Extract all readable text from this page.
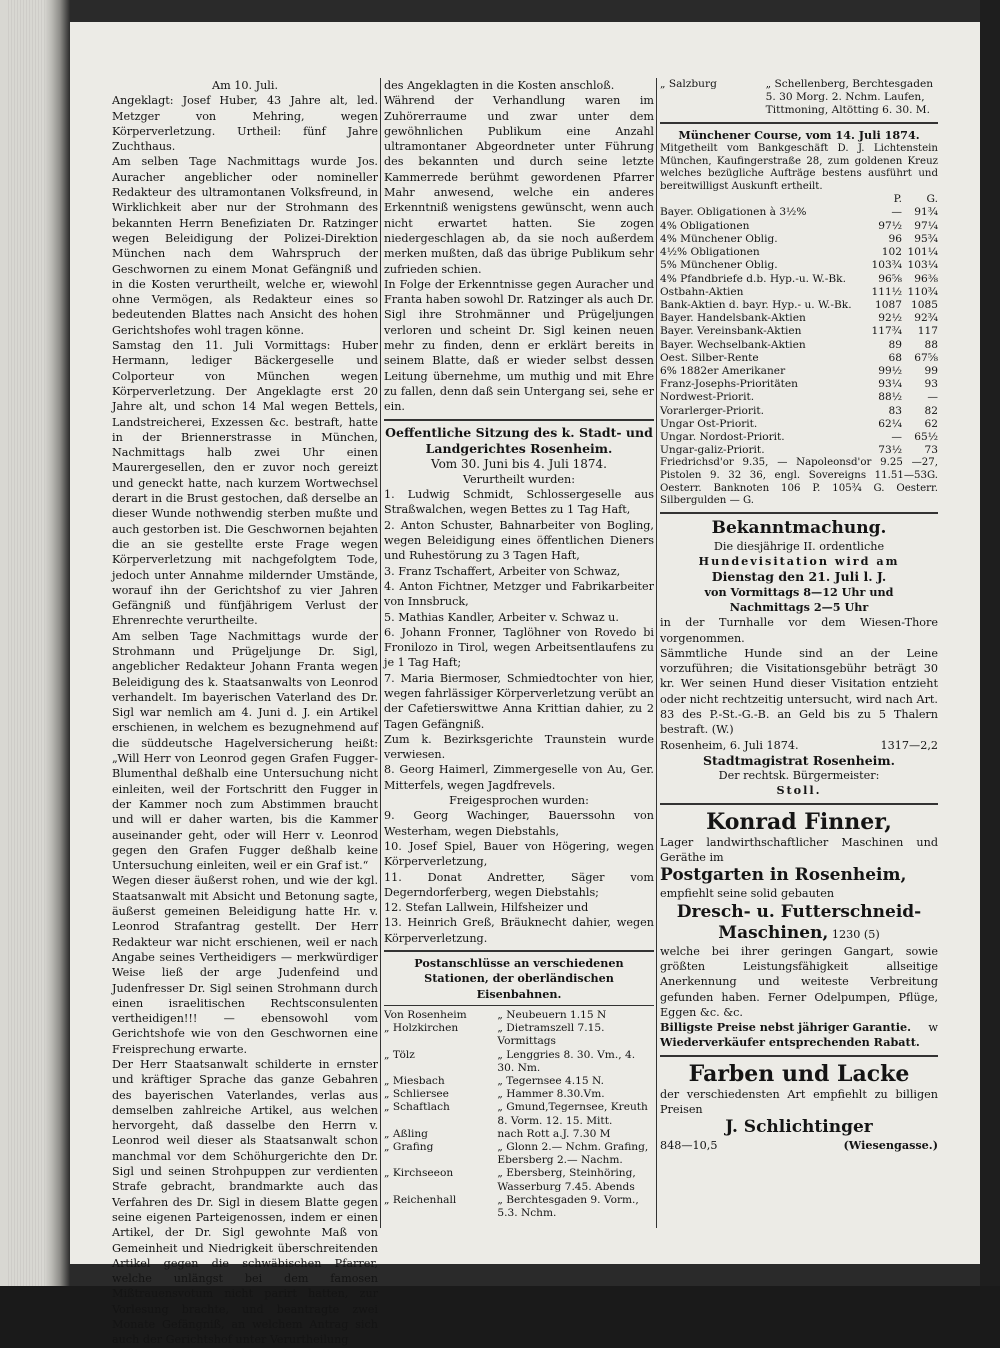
Am 10. Juli.

Angeklagt: Josef Huber, 43 Jahre alt, led. Metzger von Mehring, wegen Körperverletzung. Urtheil: fünf Jahre Zuchthaus.

Am selben Tage Nachmittags wurde Jos. Auracher angeblicher oder nomineller Redakteur des ultramontanen Volksfreund, in Wirklichkeit aber nur der Strohmann des bekannten Herrn Benefiziaten Dr. Ratzinger wegen Beleidigung der Polizei-Direktion München nach dem Wahrspruch der Geschwornen zu einem Monat Gefängniß und in die Kosten verurtheilt, welche er, wiewohl ohne Vermögen, als Redakteur eines so bedeutenden Blattes nach Ansicht des hohen Gerichtshofes wohl tragen könne.

Samstag den 11. Juli Vormittags: Huber Hermann, lediger Bäckergeselle und Colporteur von München wegen Körperverletzung. Der Angeklagte erst 20 Jahre alt, und schon 14 Mal wegen Bettels, Landstreicherei, Exzessen &c. bestraft, hatte in der Briennerstrasse in München, Nachmittags halb zwei Uhr einen Maurergesellen, den er zuvor noch gereizt und geneckt hatte, nach kurzem Wortwechsel derart in die Brust gestochen, daß derselbe an dieser Wunde nothwendig sterben mußte und auch gestorben ist. Die Geschwornen bejahten die an sie gestellte erste Frage wegen Körperverletzung mit nachgefolgtem Tode, jedoch unter Annahme mildernder Umstände, worauf ihn der Gerichtshof zu vier Jahren Gefängniß und fünfjährigem Verlust der Ehrenrechte verurtheilte.

Am selben Tage Nachmittags wurde der Strohmann und Prügeljunge Dr. Sigl, angeblicher Redakteur Johann Franta wegen Beleidigung des k. Staatsanwalts von Leonrod verhandelt. Im bayerischen Vaterland des Dr. Sigl war nemlich am 4. Juni d. J. ein Artikel erschienen, in welchem es bezugnehmend auf die süddeutsche Hagelversicherung heißt: „Will Herr von Leonrod gegen Grafen Fugger-Blumenthal deßhalb eine Untersuchung nicht einleiten, weil der Fortschritt den Fugger in der Kammer noch zum Abstimmen braucht und will er daher warten, bis die Kammer auseinander geht, oder will Herr v. Leonrod gegen den Grafen Fugger deßhalb keine Untersuchung einleiten, weil er ein Graf ist.“

Wegen dieser äußerst rohen, und wie der kgl. Staatsanwalt mit Absicht und Betonung sagte, äußerst gemeinen Beleidigung hatte Hr. v. Leonrod Strafantrag gestellt. Der Herr Redakteur war nicht erschienen, weil er nach Angabe seines Vertheidigers — merkwürdiger Weise ließ der arge Judenfeind und Judenfresser Dr. Sigl seinen Strohmann durch einen israelitischen Rechtsconsulenten vertheidigen!!! — ebensowohl vom Gerichtshofe wie von den Geschwornen eine Freisprechung erwarte.

Der Herr Staatsanwalt schilderte in ernster und kräftiger Sprache das ganze Gebahren des bayerischen Vaterlandes, verlas aus demselben zahlreiche Artikel, aus welchen hervorgeht, daß dasselbe den Herrn v. Leonrod weil dieser als Staatsanwalt schon manchmal vor dem Schöhurgerichte den Dr. Sigl und seinen Strohpuppen zur verdienten Strafe gebracht, brandmarkte auch das Verfahren des Dr. Sigl in diesem Blatte gegen seine eigenen Parteigenossen, indem er einen Artikel, der Dr. Sigl gewohnte Maß von Gemeinheit und Niedrigkeit überschreitenden Artikel gegen die schwäbischen Pfarrer, welche unlängst bei dem famosen Mißtrauensvotum nicht parirt hatten, zur Vorlesung brachte, und beantragte zwei Monate Gefängniß, an welchem Antrag sich auch der Gerichtshof unter Verurtheilung

des Angeklagten in die Kosten anschloß.

Während der Verhandlung waren im Zuhörerraume und zwar unter dem gewöhnlichen Publikum eine Anzahl ultramontaner Abgeordneter unter Führung des bekannten und durch seine letzte Kammerrede berühmt gewordenen Pfarrer Mahr anwesend, welche ein anderes Erkenntniß wenigstens gewünscht, wenn auch nicht erwartet hatten. Sie zogen niedergeschlagen ab, da sie noch außerdem merken mußten, daß das übrige Publikum sehr zufrieden schien.

In Folge der Erkenntnisse gegen Auracher und Franta haben sowohl Dr. Ratzinger als auch Dr. Sigl ihre Strohmänner und Prügeljungen verloren und scheint Dr. Sigl keinen neuen mehr zu finden, denn er erklärt bereits in seinem Blatte, daß er wieder selbst dessen Leitung übernehme, um muthig und mit Ehre zu fallen, denn daß sein Untergang sei, sehe er ein.

Oeffentliche Sitzung des k. Stadt- und Landgerichtes Rosenheim.

Vom 30. Juni bis 4. Juli 1874.

Verurtheilt wurden:

1. Ludwig Schmidt, Schlossergeselle aus Straßwalchen, wegen Bettes zu 1 Tag Haft,

2. Anton Schuster, Bahnarbeiter von Bogling, wegen Beleidigung eines öffentlichen Dieners und Ruhestörung zu 3 Tagen Haft,

3. Franz Tschaffert, Arbeiter von Schwaz,

4. Anton Fichtner, Metzger und Fabrikarbeiter von Innsbruck,

5. Mathias Kandler, Arbeiter v. Schwaz u.

6. Johann Fronner, Taglöhner von Rovedo bi Fronilozo in Tirol, wegen Arbeitsentlaufens zu je 1 Tag Haft;

7. Maria Biermoser, Schmiedtochter von hier, wegen fahrlässiger Körperverletzung verübt an der Cafetierswittwe Anna Krittian dahier, zu 2 Tagen Gefängniß.

Zum k. Bezirksgerichte Traunstein wurde verwiesen.

8. Georg Haimerl, Zimmergeselle von Au, Ger. Mitterfels, wegen Jagdfrevels.

Freigesprochen wurden:

9. Georg Wachinger, Bauerssohn von Westerham, wegen Diebstahls,

10. Josef Spiel, Bauer von Högering, wegen Körperverletzung,

11. Donat Andretter, Säger vom Degerndorferberg, wegen Diebstahls;

12. Stefan Lallwein, Hilfsheizer und

13. Heinrich Greß, Bräuknecht dahier, wegen Körperverletzung.

Postanschlüsse an verschiedenen Stationen, der oberländischen Eisenbahnen.

Von Rosenheim	„ Neubeuern 1.15 N
„ Holzkirchen	„ Dietramszell 7.15. Vormittags
„ Tölz	„ Lenggries 8. 30. Vm., 4. 30. Nm.
„ Miesbach	„ Tegernsee 4.15 N.
„ Schliersee	„ Hammer 8.30.Vm.
„ Schaftlach	„ Gmund,Tegernsee, Kreuth 8. Vorm. 12. 15. Mitt.
„ Aßling	nach Rott a.J. 7.30 M
„ Grafing	„ Glonn 2.— Nchm. Grafing, Ebersberg 2.— Nachm.
„ Kirchseeon	„ Ebersberg, Steinhöring, Wasserburg 7.45. Abends
„ Reichenhall	„ Berchtesgaden 9. Vorm., 5.3. Nchm.
„ Salzburg	„ Schellenberg, Berchtesgaden 5. 30 Morg. 2. Nchm. Laufen, Tittmoning, Altötting 6. 30. M.

Münchener Course, vom 14. Juli 1874.

Mitgetheilt vom Bankgeschäft D. J. Lichtenstein München, Kaufingerstraße 28, zum goldenen Kreuz welches bezügliche Aufträge bestens ausführt und bereitwilligst Auskunft ertheilt.

	P.	G.
Bayer. Obligationen à 3½%	—	91¾
4% Obligationen	97½	97¼
4% Münchener Oblig.	96	95¾
4½% Obligationen	102	101¼
5% Münchener Oblig.	103¾	103¼
4% Pfandbriefe d.b. Hyp.-u. W.-Bk.	96⅝	96⅜
Ostbahn-Aktien	111½	110¾
Bank-Aktien d. bayr. Hyp.- u. W.-Bk.	1087	1085
Bayer. Handelsbank-Aktien	92½	92¾
Bayer. Vereinsbank-Aktien	117¾	117
Bayer. Wechselbank-Aktien	89	88
Oest. Silber-Rente	68	67⅝
6% 1882er Amerikaner	99½	99
Franz-Josephs-Prioritäten	93¼	93
Nordwest-Priorit.	88½	—
Vorarlerger-Priorit.	83	82
Ungar Ost-Priorit.	62¼	62
Ungar. Nordost-Priorit.	—	65½
Ungar-galiz-Priorit.	73½	73

Friedrichsd'or 9.35, — Napoleonsd'or 9.25 —27, Pistolen 9. 32 36, engl. Sovereigns 11.51—53G. Oesterr. Banknoten 106 P. 105¾ G. Oesterr. Silbergulden — G.

Bekanntmachung.

Die diesjährige II. ordentliche

Hundevisitation wird am

Dienstag den 21. Juli l. J.

von Vormittags 8—12 Uhr und

Nachmittags 2—5 Uhr

in der Turnhalle vor dem Wiesen-Thore vorgenommen.

Sämmtliche Hunde sind an der Leine vorzuführen; die Visitationsgebühr beträgt 30 kr. Wer seinen Hund dieser Visitation entzieht oder nicht rechtzeitig untersucht, wird nach Art. 83 des P.-St.-G.-B. an Geld bis zu 5 Thalern bestraft. (W.)

Rosenheim, 6. Juli 1874.	1317—2,2

Stadtmagistrat Rosenheim.

Der rechtsk. Bürgermeister:

Stoll.

Konrad Finner,

Lager landwirthschaftlicher Maschinen und Geräthe im

Postgarten in Rosenheim,

empfiehlt seine solid gebauten

Dresch- u. Futterschneid-

Maschinen, 1230 (5)

welche bei ihrer geringen Gangart, sowie größten Leistungsfähigkeit allseitige Anerkennung und weiteste Verbreitung gefunden haben. Ferner Odelpumpen, Pflüge, Eggen &c. &c.

Billigste Preise nebst jähriger Garantie. w

Wiederverkäufer entsprechenden Rabatt.

Farben und Lacke

der verschiedensten Art empfiehlt zu billigen Preisen

J. Schlichtinger

848—10,5	(Wiesengasse.)
